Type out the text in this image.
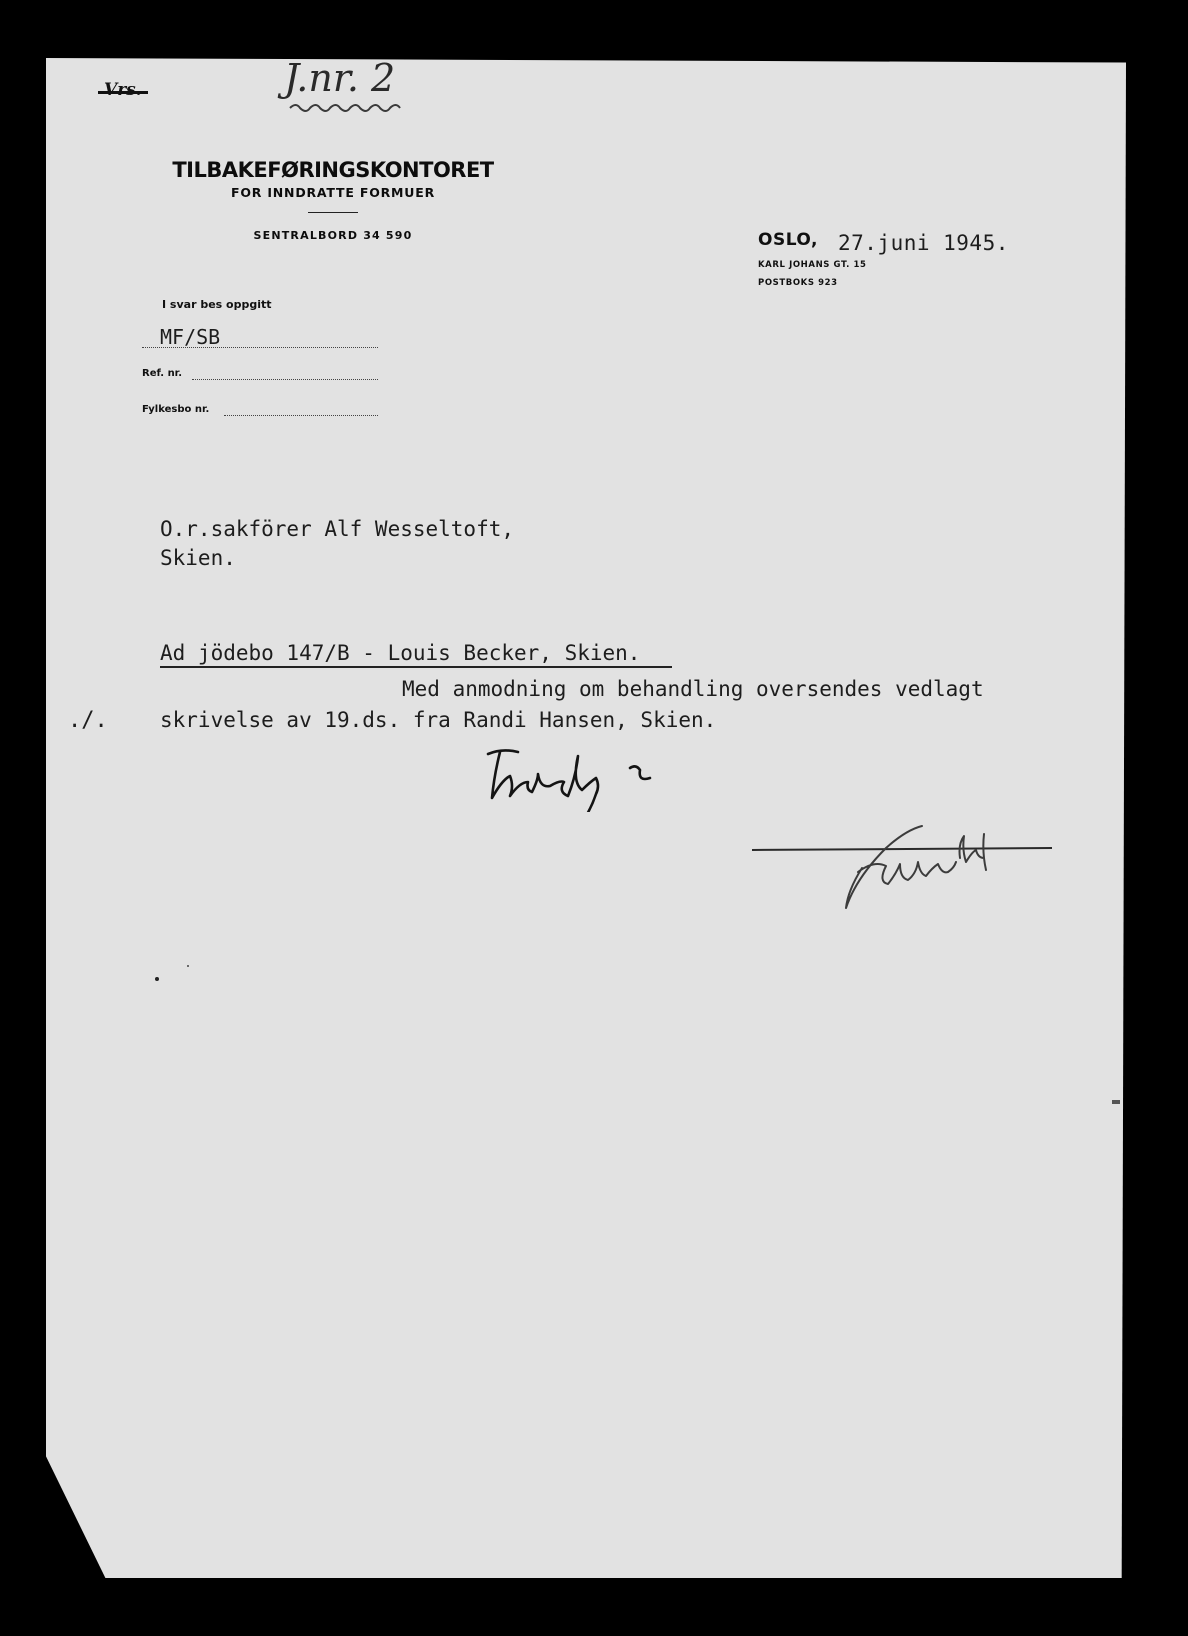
Vrs.	J.nr. 2
TILBAKEFØRINGSKONTORET
FOR INNDRATTE FORMUER
SENTRALBORD 34 590	OSLO, 27.juni 1945.
KARL JOHANS GT. 15
POSTBOKS 923
I svar bes oppgitt
MF/SB
Ref. nr.
Fylkesbo nr.
O.r.sakförer Alf Wesseltoft,
Skien.
Ad jödebo 147/B - Louis Becker, Skien.
Med anmodning om behandling oversendes vedlagt
./. skrivelse av 19.ds. fra Randi Hansen, Skien.
